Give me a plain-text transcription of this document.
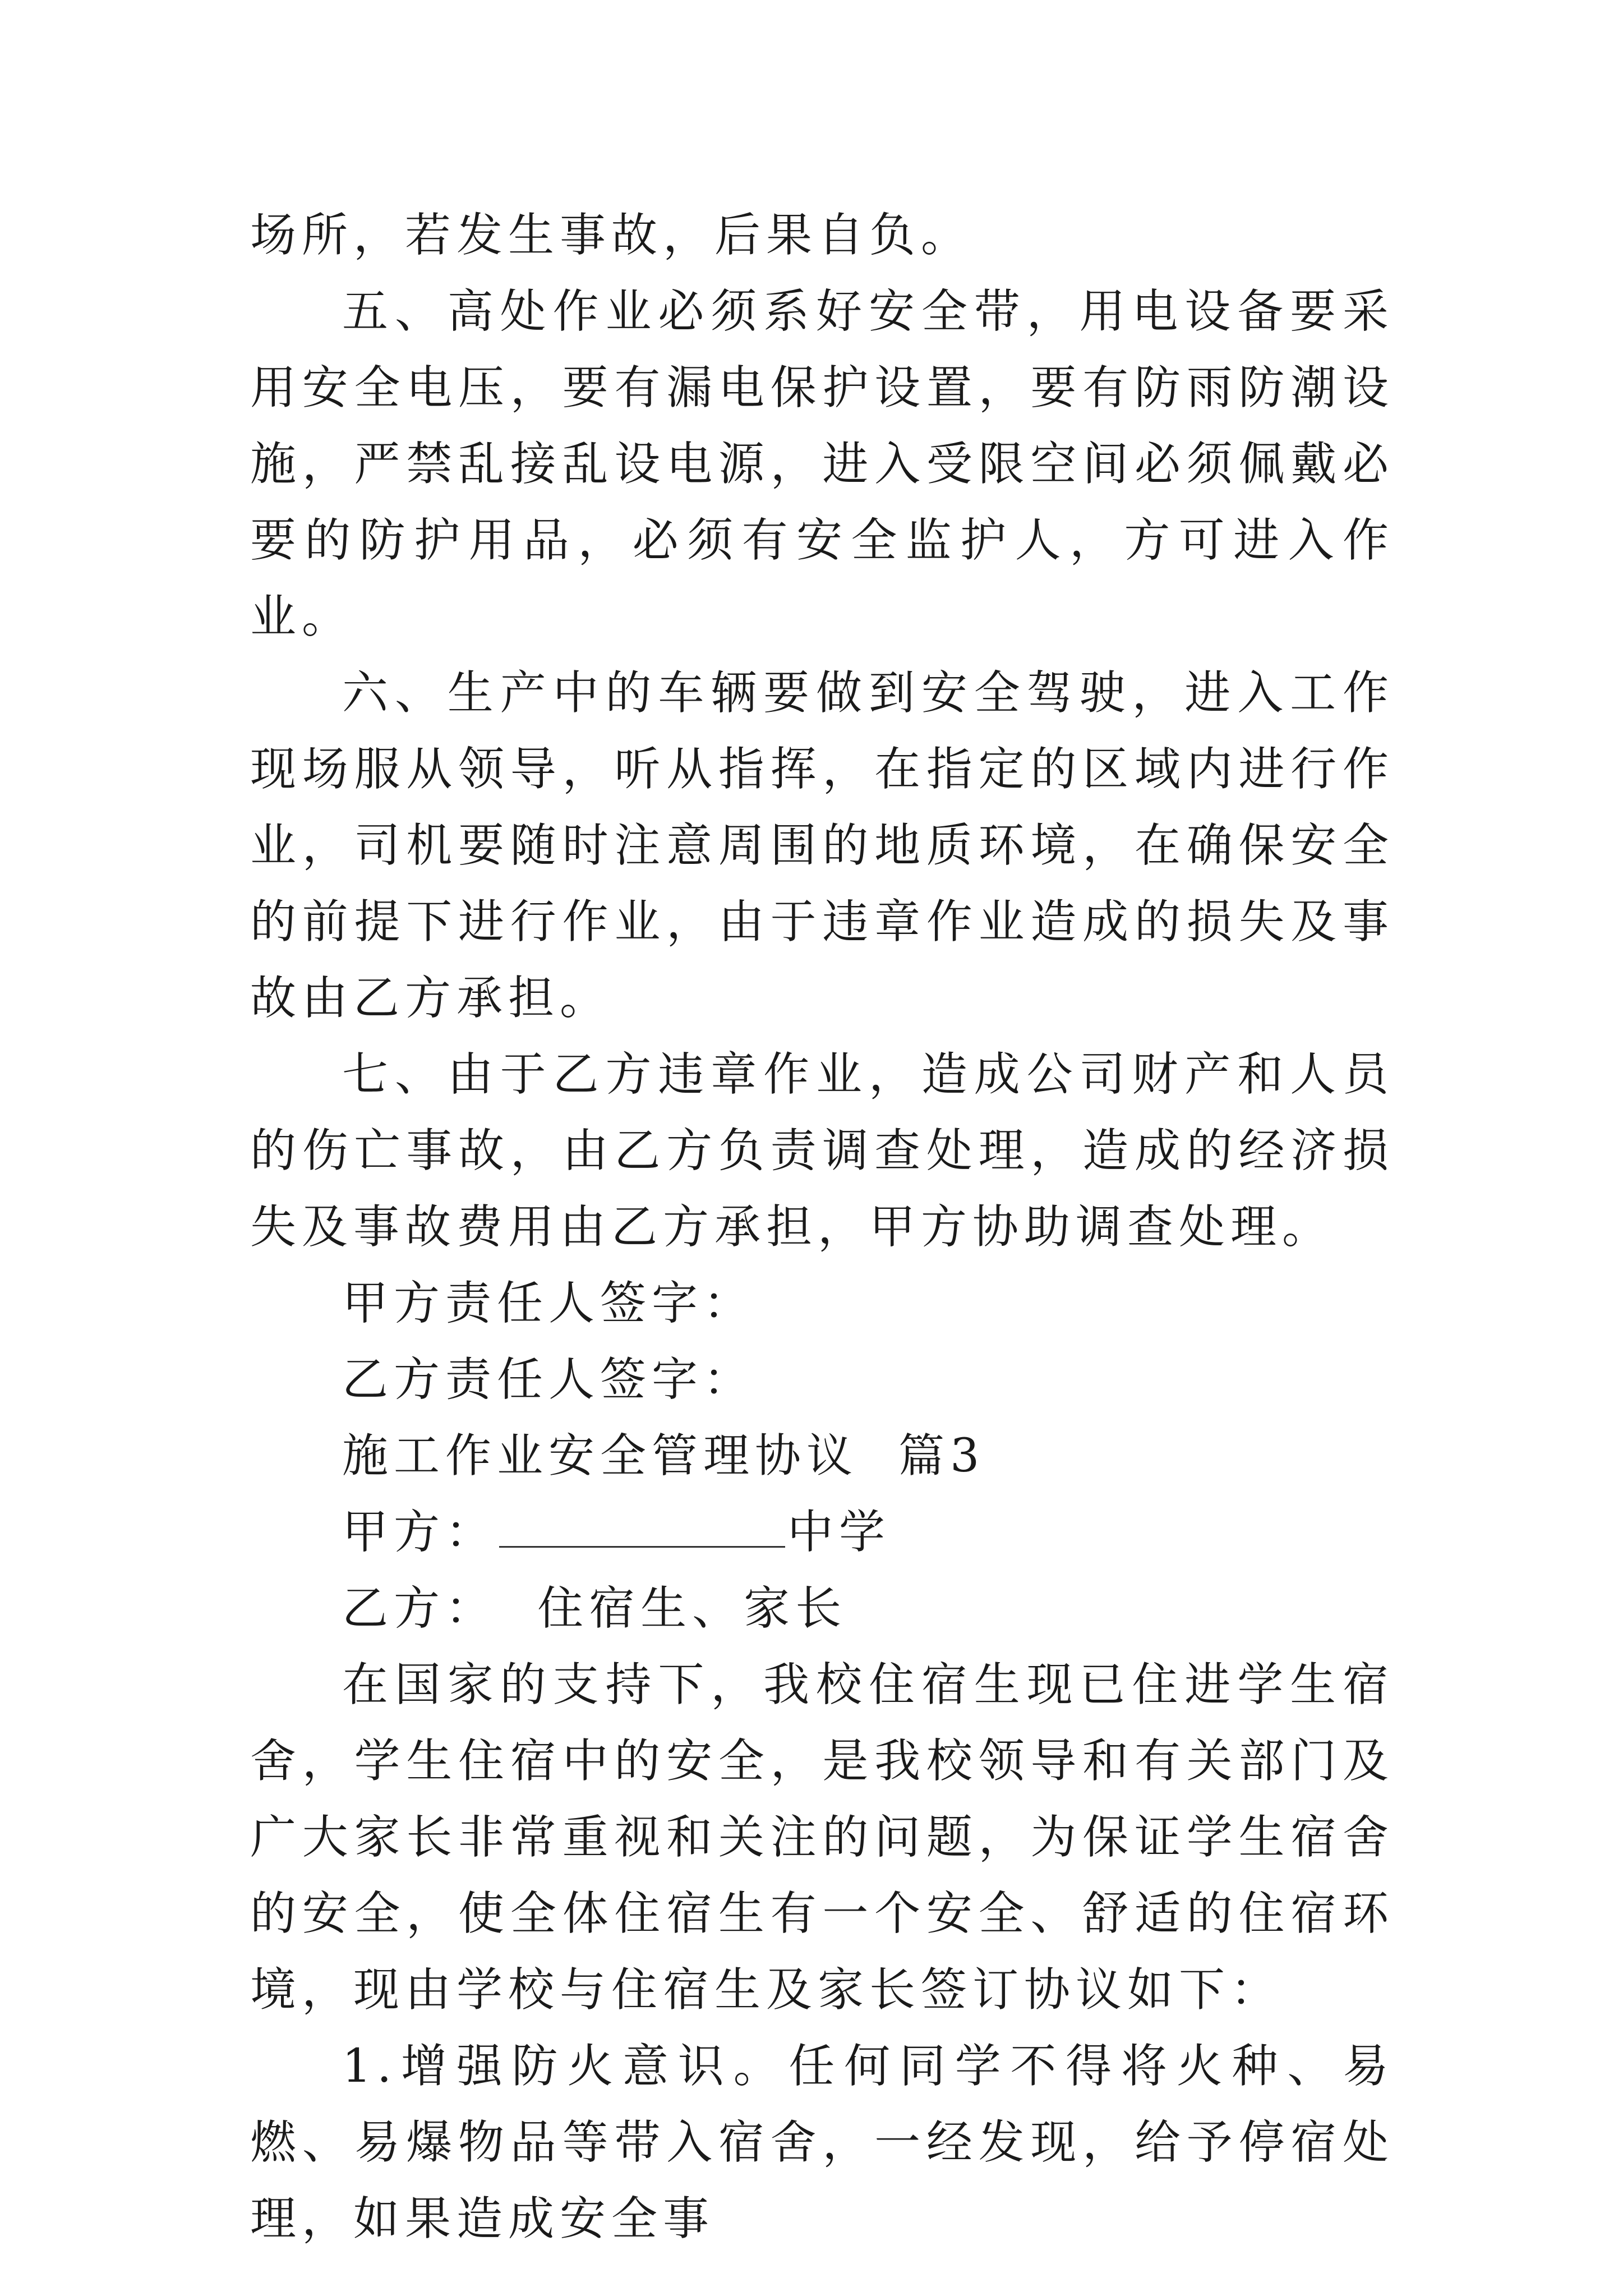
场所，若发生事故，后果自负。

五、高处作业必须系好安全带，用电设备要采用安全电压，要有漏电保护设置，要有防雨防潮设施，严禁乱接乱设电源，进入受限空间必须佩戴必要的防护用品，必须有安全监护人，方可进入作业。

六、生产中的车辆要做到安全驾驶，进入工作现场服从领导，听从指挥，在指定的区域内进行作业，司机要随时注意周围的地质环境，在确保安全的前提下进行作业，由于违章作业造成的损失及事故由乙方承担。

七、由于乙方违章作业，造成公司财产和人员的伤亡事故，由乙方负责调查处理，造成的经济损失及事故费用由乙方承担，甲方协助调查处理。

甲方责任人签字：

乙方责任人签字：

施工作业安全管理协议  篇3

甲方：	中学

乙方：  住宿生、家长

在国家的支持下，我校住宿生现已住进学生宿舍，学生住宿中的安全，是我校领导和有关部门及广大家长非常重视和关注的问题，为保证学生宿舍的安全，使全体住宿生有一个安全、舒适的住宿环境，现由学校与住宿生及家长签订协议如下：

1.增强防火意识。任何同学不得将火种、易燃、易爆物品等带入宿舍，一经发现，给予停宿处理，如果造成安全事
